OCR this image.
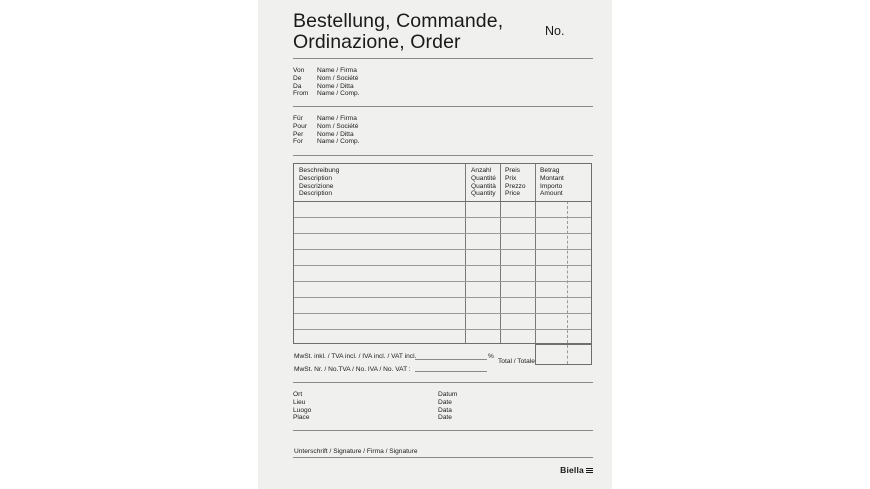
Bestellung, Commande,
Ordinazione, Order	No.
Von
De
Da
From
Name / Firma
Nom / Société
Nome / Ditta
Name / Comp.
Für
Pour
Per
For
Name / Firma
Nom / Société
Nome / Ditta
Name / Comp.
Beschreibung
Description
Descrizione
Description
Anzahl
Quantité
Quantità
Quantity
Preis
Prix
Prezzo
Price
Betrag
Montant
Importo
Amount
MwSt. inkl. / TVA incl. / IVA incl. / VAT incl.	%
MwSt. Nr. / No.TVA / No. IVA / No. VAT :
Total / Totale
Ort
Lieu
Luogo
Place
Datum
Date
Data
Date
Unterschrift / Signature / Firma / Signature
Biella
